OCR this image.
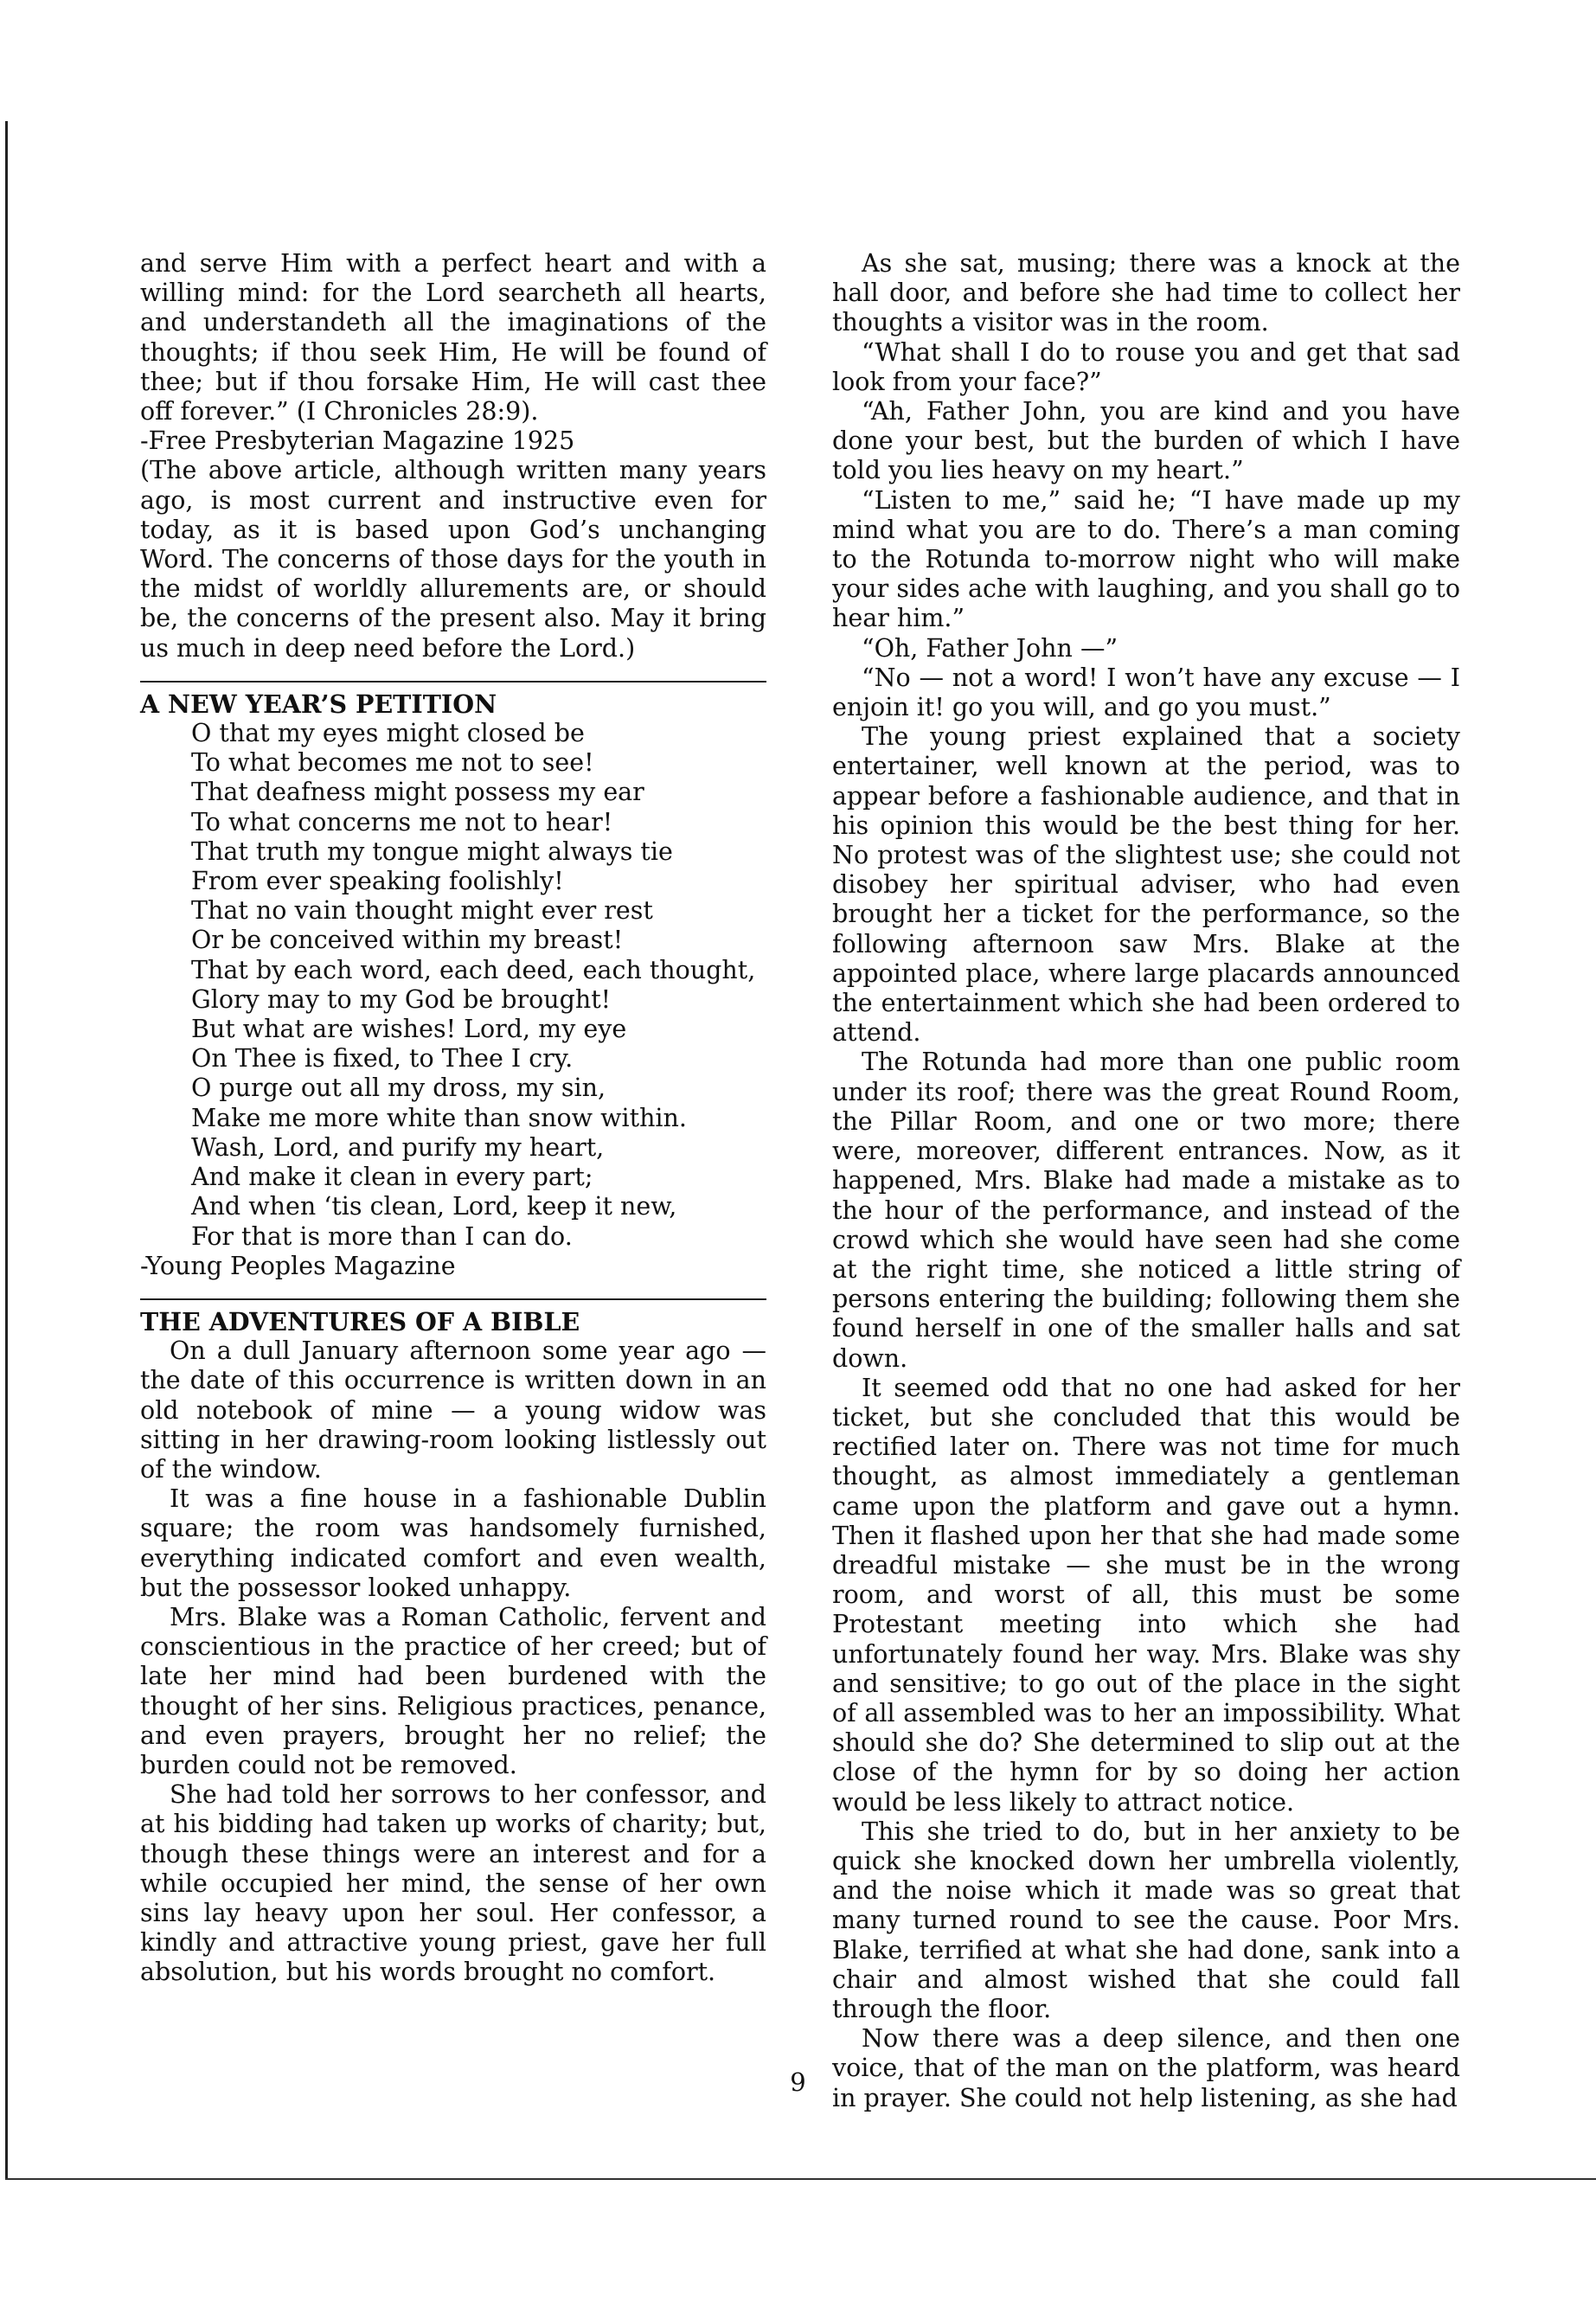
and serve Him with a perfect heart and with a willing mind: for the Lord searcheth all hearts, and understandeth all the imaginations of the thoughts; if thou seek Him, He will be found of thee; but if thou forsake Him, He will cast thee off forever.” (I Chronicles 28:9).

-Free Presbyterian Magazine 1925

(The above article, although written many years ago, is most current and instructive even for today, as it is based upon God’s unchanging Word. The concerns of those days for the youth in the midst of worldly allurements are, or should be, the concerns of the present also. May it bring us much in deep need before the Lord.)

A NEW YEAR’S PETITION

O that my eyes might closed be
To what becomes me not to see!
That deafness might possess my ear
To what concerns me not to hear!
That truth my tongue might always tie
From ever speaking foolishly!
That no vain thought might ever rest
Or be conceived within my breast!
That by each word, each deed, each thought,
Glory may to my God be brought!
But what are wishes! Lord, my eye
On Thee is fixed, to Thee I cry.
O purge out all my dross, my sin,
Make me more white than snow within.
Wash, Lord, and purify my heart,
And make it clean in every part;
And when ‘tis clean, Lord, keep it new,
For that is more than I can do.

-Young Peoples Magazine

THE ADVENTURES OF A BIBLE

On a dull January afternoon some year ago — the date of this occurrence is written down in an old notebook of mine — a young widow was sitting in her drawing-room looking listlessly out of the window.

It was a fine house in a fashionable Dublin square; the room was handsomely furnished, everything indicated comfort and even wealth, but the possessor looked unhappy.

Mrs. Blake was a Roman Catholic, fervent and conscientious in the practice of her creed; but of late her mind had been burdened with the thought of her sins. Religious practices, penance, and even prayers, brought her no relief; the burden could not be removed.

She had told her sorrows to her confessor, and at his bidding had taken up works of charity; but, though these things were an interest and for a while occupied her mind, the sense of her own sins lay heavy upon her soul. Her confessor, a kindly and attractive young priest, gave her full absolution, but his words brought no comfort.

As she sat, musing; there was a knock at the hall door, and before she had time to collect her thoughts a visitor was in the room.

“What shall I do to rouse you and get that sad look from your face?”

“Ah, Father John, you are kind and you have done your best, but the burden of which I have told you lies heavy on my heart.”

“Listen to me,” said he; “I have made up my mind what you are to do. There’s a man coming to the Rotunda to-morrow night who will make your sides ache with laughing, and you shall go to hear him.”

“Oh, Father John —”

“No — not a word! I won’t have any excuse — I enjoin it! go you will, and go you must.”

The young priest explained that a society entertainer, well known at the period, was to appear before a fashionable audience, and that in his opinion this would be the best thing for her. No protest was of the slightest use; she could not disobey her spiritual adviser, who had even brought her a ticket for the performance, so the following afternoon saw Mrs. Blake at the appointed place, where large placards announced the entertainment which she had been ordered to attend.

The Rotunda had more than one public room under its roof; there was the great Round Room, the Pillar Room, and one or two more; there were, moreover, different entrances. Now, as it happened, Mrs. Blake had made a mistake as to the hour of the performance, and instead of the crowd which she would have seen had she come at the right time, she noticed a little string of persons entering the building; following them she found herself in one of the smaller halls and sat down.

It seemed odd that no one had asked for her ticket, but she concluded that this would be rectified later on. There was not time for much thought, as almost immediately a gentleman came upon the platform and gave out a hymn. Then it flashed upon her that she had made some dreadful mistake — she must be in the wrong room, and worst of all, this must be some Protestant meeting into which she had unfortunately found her way. Mrs. Blake was shy and sensitive; to go out of the place in the sight of all assembled was to her an impossibility. What should she do? She determined to slip out at the close of the hymn for by so doing her action would be less likely to attract notice.

This she tried to do, but in her anxiety to be quick she knocked down her umbrella violently, and the noise which it made was so great that many turned round to see the cause. Poor Mrs. Blake, terrified at what she had done, sank into a chair and almost wished that she could fall through the floor.

Now there was a deep silence, and then one voice, that of the man on the platform, was heard in prayer. She could not help listening, as she had

9
